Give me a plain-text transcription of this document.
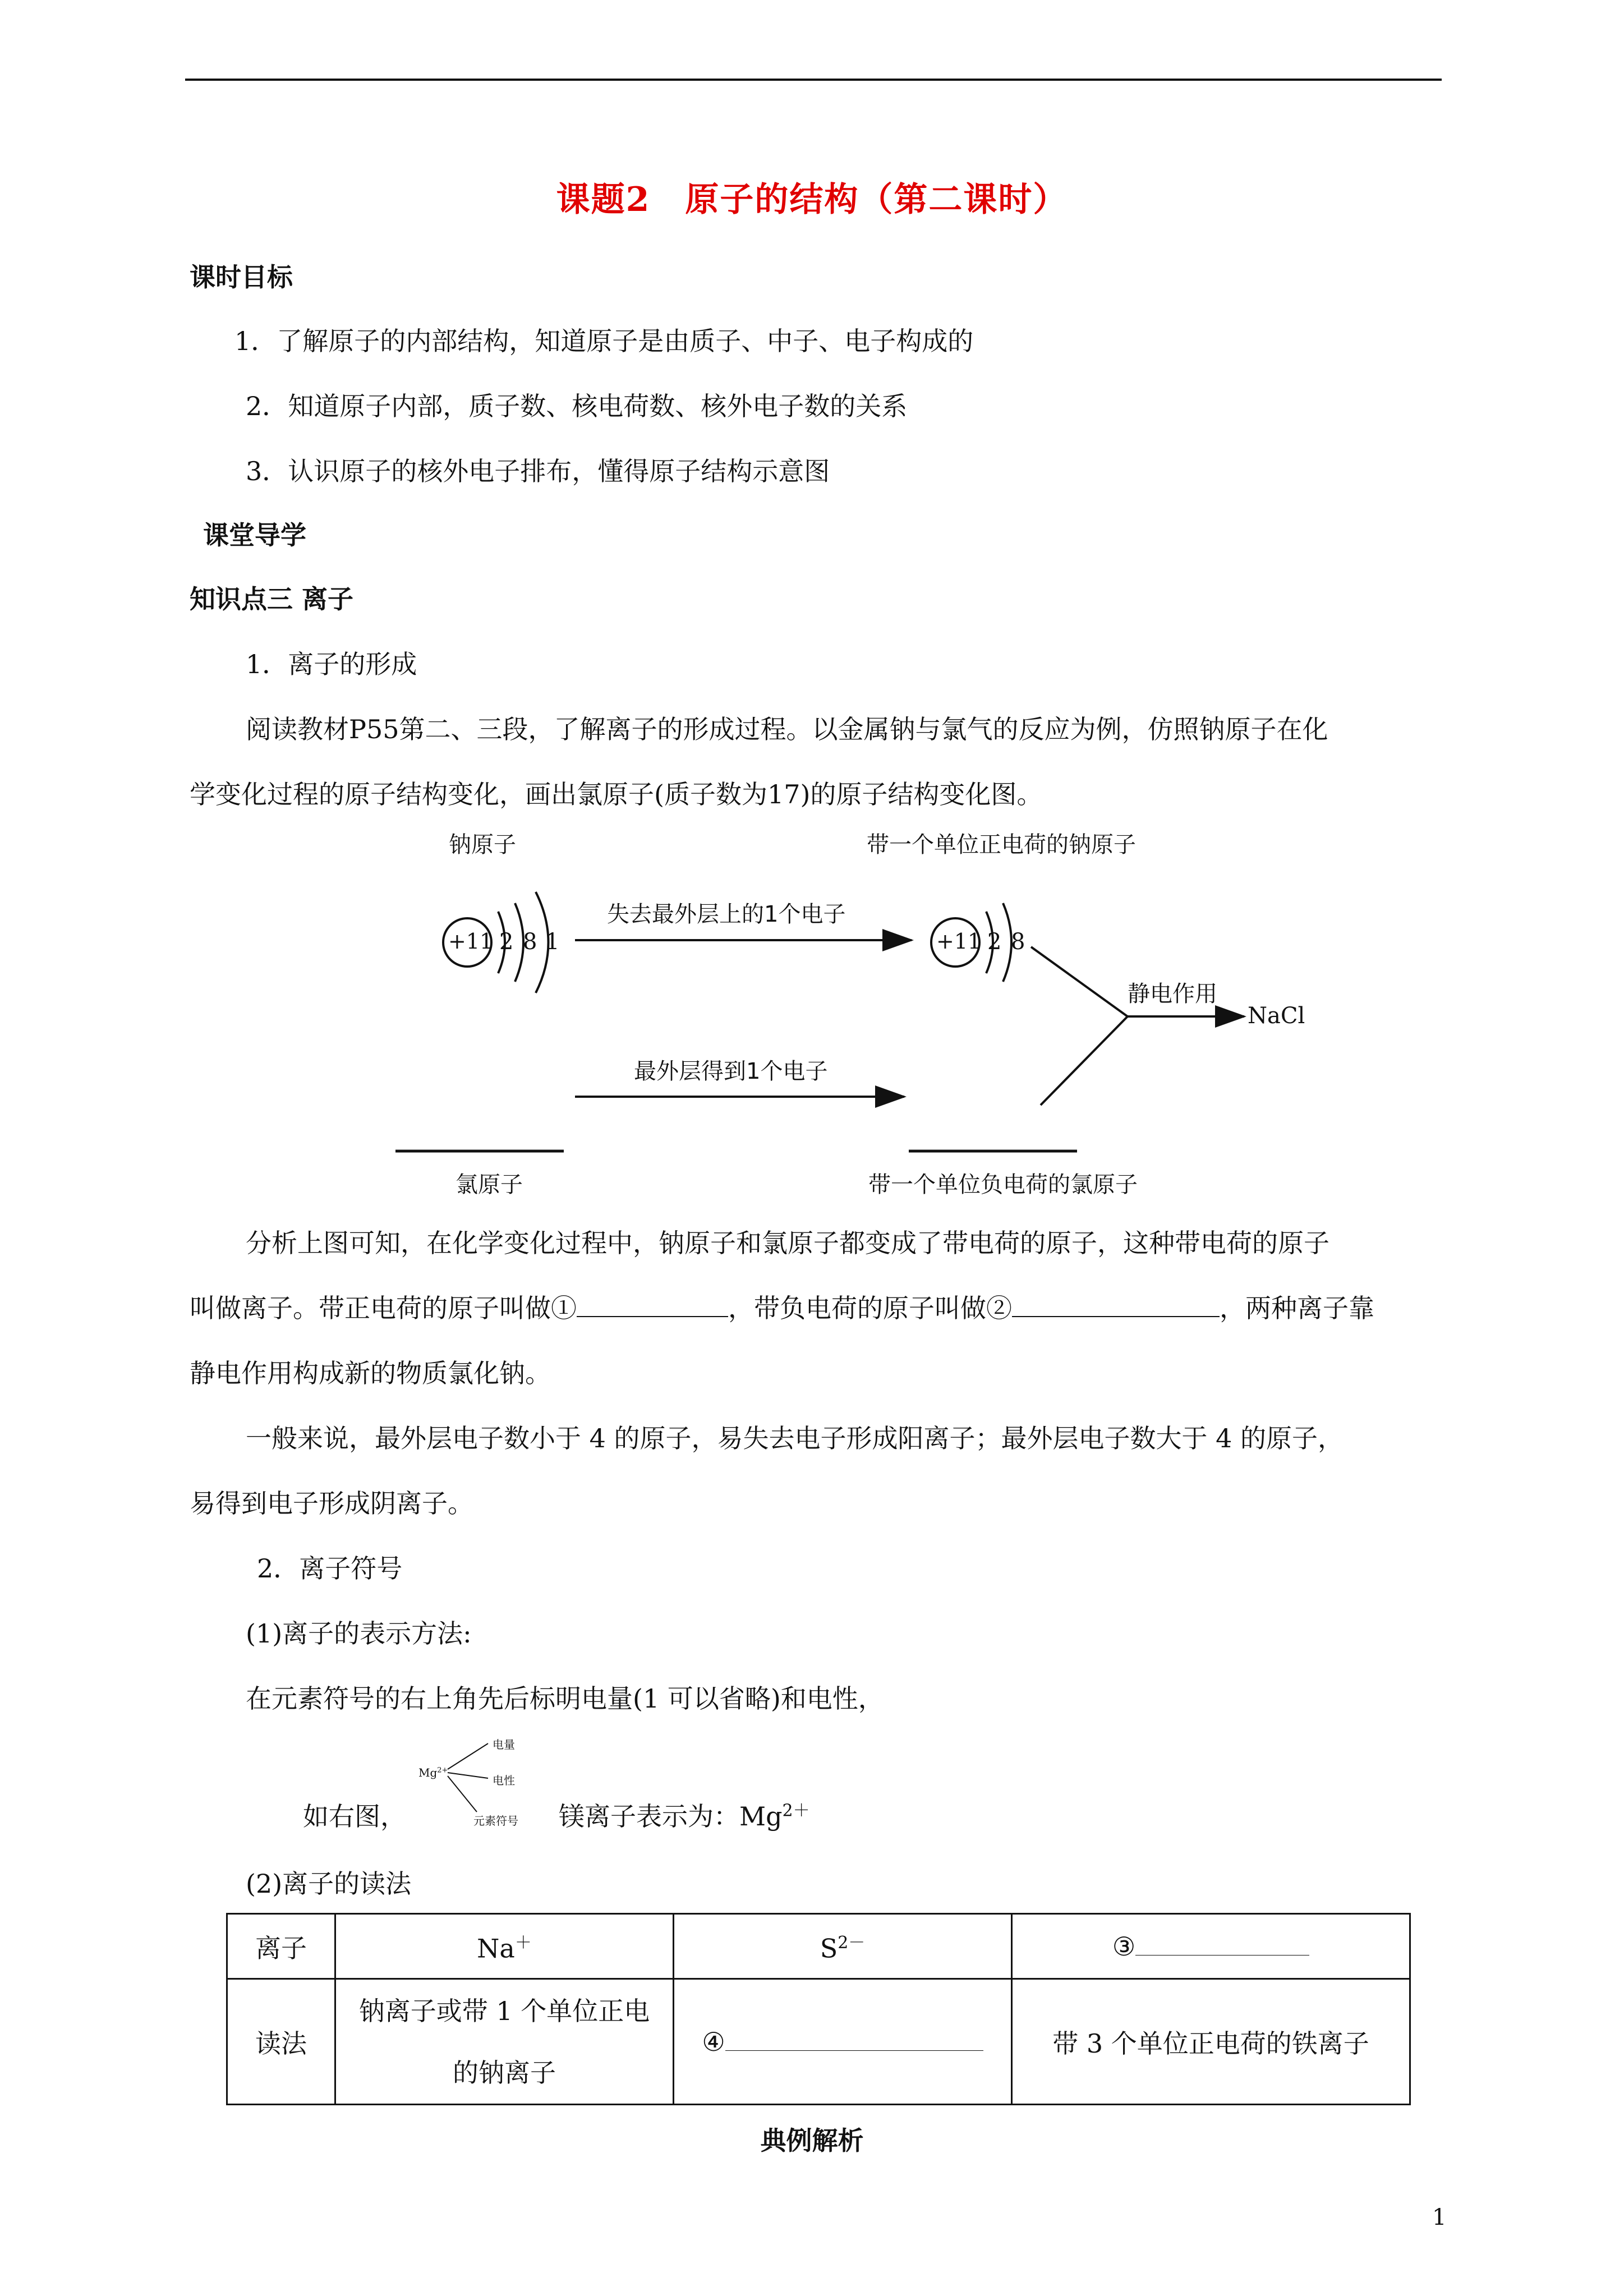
课题2　原子的结构（第二课时）
课时目标
1．了解原子的内部结构，知道原子是由质子、中子、电子构成的
2．知道原子内部，质子数、核电荷数、核外电子数的关系
3．认识原子的核外电子排布，懂得原子结构示意图
课堂导学
知识点三 离子
1．离子的形成
阅读教材P55第二、三段，了解离子的形成过程。以金属钠与氯气的反应为例，仿照钠原子在化
学变化过程的原子结构变化，画出氯原子(质子数为17)的原子结构变化图。
钠原子	带一个单位正电荷的钠原子
+11 2 8 1	+11 2 8
失去最外层上的1个电子
最外层得到1个电子
静电作用
NaCl
氯原子	带一个单位负电荷的氯原子
分析上图可知，在化学变化过程中，钠原子和氯原子都变成了带电荷的原子，这种带电荷的原子
叫做离子。带正电荷的原子叫做①	，带负电荷的原子叫做②	，两种离子靠
静电作用构成新的物质氯化钠。
一般来说，最外层电子数小于 4 的原子，易失去电子形成阳离子；最外层电子数大于 4 的原子，
易得到电子形成阴离子。
2．离子符号
(1)离子的表示方法:
在元素符号的右上角先后标明电量(1 可以省略)和电性，
$Mg^{2+}$
电量
电性
元素符号
如右图，	镁离子表示为：$Mg^{2+}$
(2)离子的读法
离子	Na＋	$S^{2-}$	③
读法	钠离子或带 1 个单位正电
的钠离子	④	带 3 个单位正电荷的铁离子
典例解析
1
